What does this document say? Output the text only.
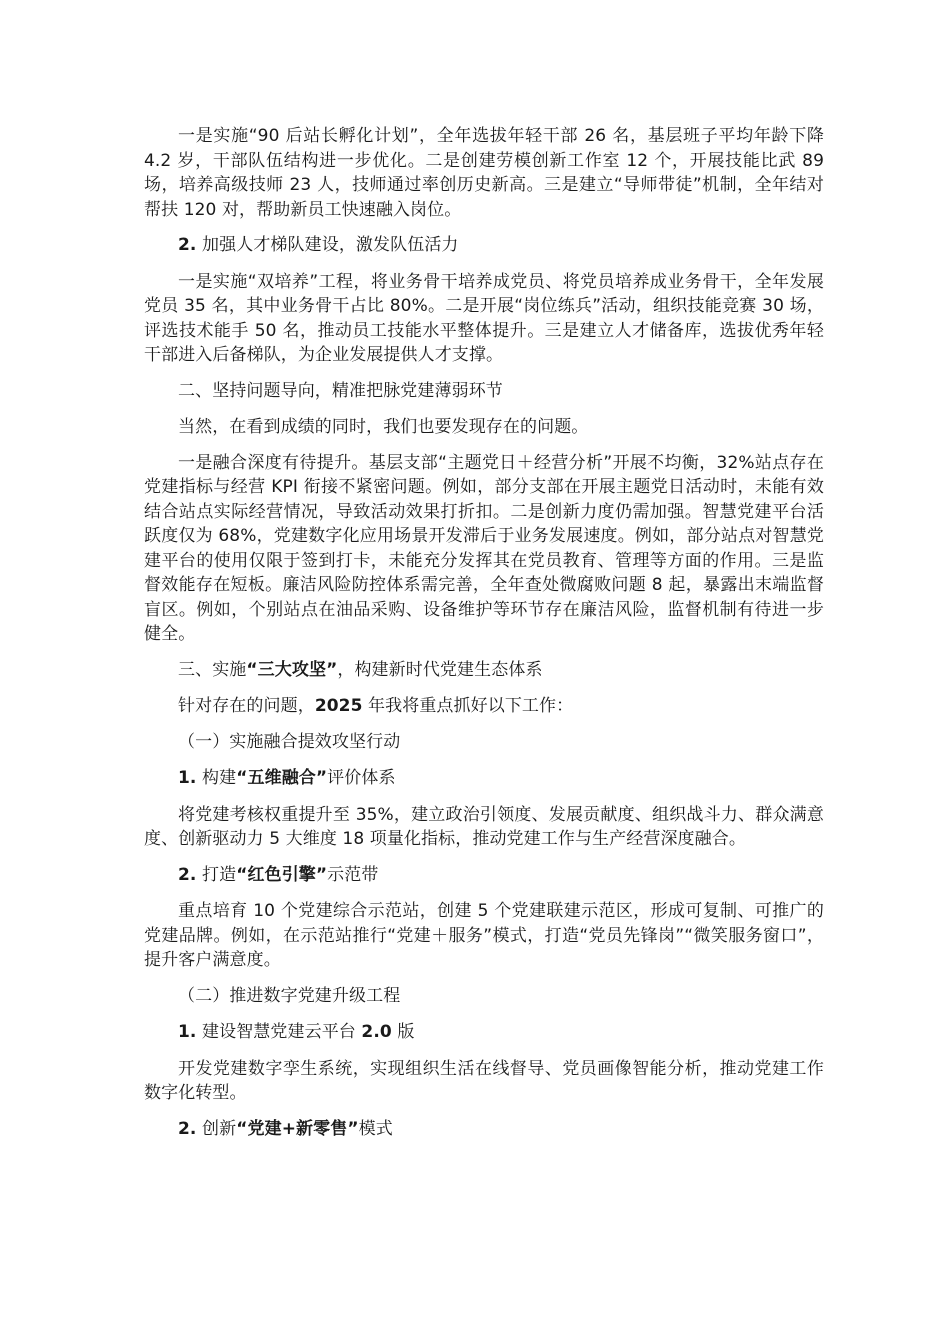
一是实施“90 后站长孵化计划”，全年选拔年轻干部 26 名，基层班子平均年龄下降 4.2 岁，干部队伍结构进一步优化。二是创建劳模创新工作室 12 个，开展技能比武 89 场，培养高级技师 23 人，技师通过率创历史新高。三是建立“导师带徒”机制，全年结对帮扶 120 对，帮助新员工快速融入岗位。

2. 加强人才梯队建设，激发队伍活力

一是实施“双培养”工程，将业务骨干培养成党员、将党员培养成业务骨干，全年发展党员 35 名，其中业务骨干占比 80%。二是开展“岗位练兵”活动，组织技能竞赛 30 场，评选技术能手 50 名，推动员工技能水平整体提升。三是建立人才储备库，选拔优秀年轻干部进入后备梯队，为企业发展提供人才支撑。

二、坚持问题导向，精准把脉党建薄弱环节

当然，在看到成绩的同时，我们也要发现存在的问题。

一是融合深度有待提升。基层支部“主题党日＋经营分析”开展不均衡，32%站点存在党建指标与经营 KPI 衔接不紧密问题。例如，部分支部在开展主题党日活动时，未能有效结合站点实际经营情况，导致活动效果打折扣。二是创新力度仍需加强。智慧党建平台活跃度仅为 68%，党建数字化应用场景开发滞后于业务发展速度。例如，部分站点对智慧党建平台的使用仅限于签到打卡，未能充分发挥其在党员教育、管理等方面的作用。三是监督效能存在短板。廉洁风险防控体系需完善，全年查处微腐败问题 8 起，暴露出末端监督盲区。例如，个别站点在油品采购、设备维护等环节存在廉洁风险，监督机制有待进一步健全。

三、实施“三大攻坚”，构建新时代党建生态体系

针对存在的问题，2025 年我将重点抓好以下工作：

（一）实施融合提效攻坚行动

1. 构建“五维融合”评价体系

将党建考核权重提升至 35%，建立政治引领度、发展贡献度、组织战斗力、群众满意度、创新驱动力 5 大维度 18 项量化指标，推动党建工作与生产经营深度融合。

2. 打造“红色引擎”示范带

重点培育 10 个党建综合示范站，创建 5 个党建联建示范区，形成可复制、可推广的党建品牌。例如，在示范站推行“党建＋服务”模式，打造“党员先锋岗”“微笑服务窗口”，提升客户满意度。

（二）推进数字党建升级工程

1. 建设智慧党建云平台 2.0 版

开发党建数字孪生系统，实现组织生活在线督导、党员画像智能分析，推动党建工作数字化转型。

2. 创新“党建+新零售”模式
